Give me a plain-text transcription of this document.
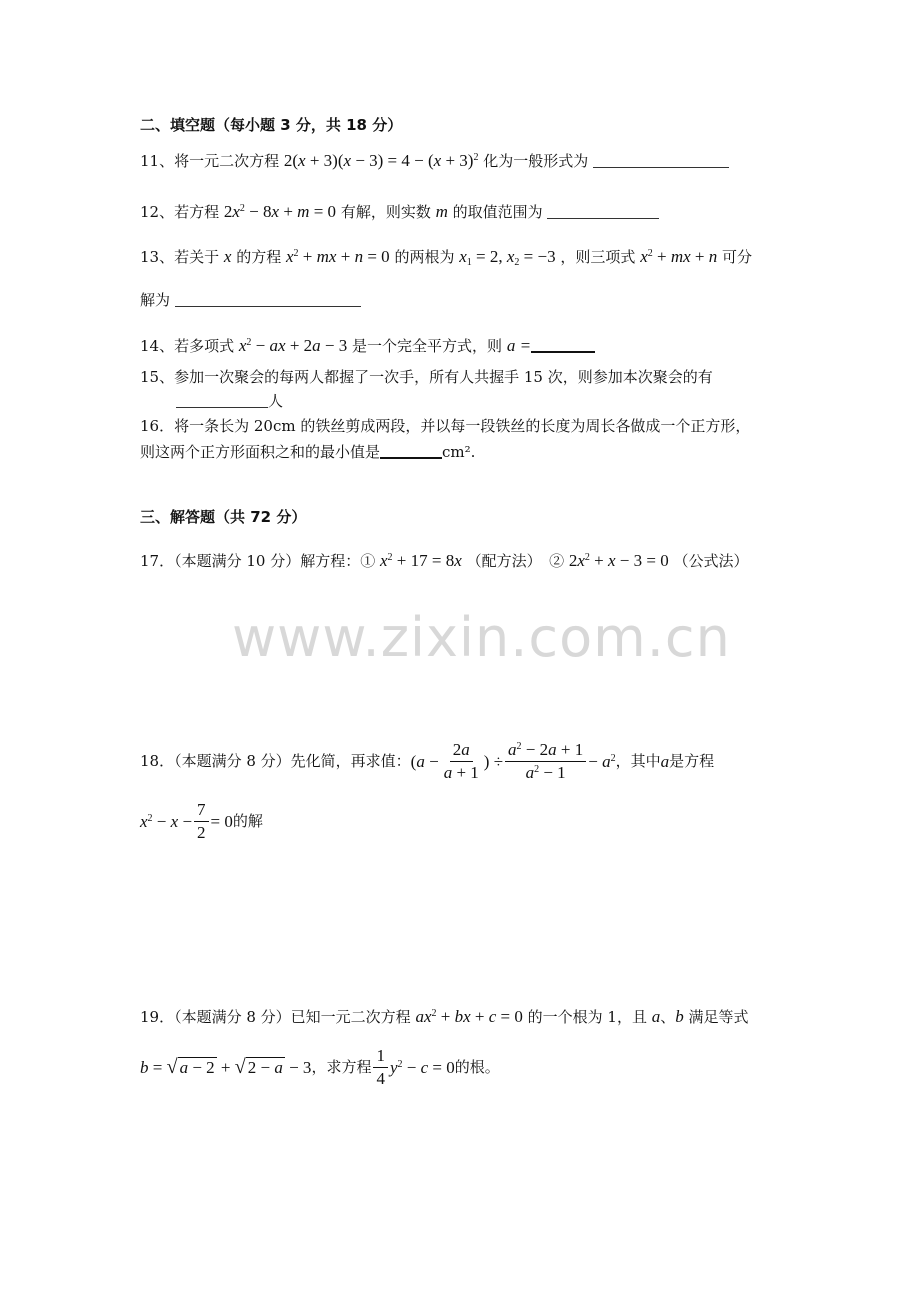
二、填空题（每小题 3 分，共 18 分）
11、将一元二次方程 $2(x + 3)(x - 3) = 4 - (x + 3)^2$ 化为一般形式为
12、若方程 $2x^2 - 8x + m = 0$ 有解，则实数 m 的取值范围为
13、若关于 x 的方程 $x^2$ + mx + n = 0 的两根为 $x_1 = 2$, $x_2 = -3$ ，则三项式 $x^2$ + mx + n 可分
解为
14、若多项式 $x^2$ − ax + 2a − 3 是一个完全平方式，则 a =
15、参加一次聚会的每两人都握了一次手，所有人共握手 15 次，则参加本次聚会的有
人
16．将一条长为 20cm 的铁丝剪成两段，并以每一段铁丝的长度为周长各做成一个正方形，
则这两个正方形面积之和的最小值是	cm².
三、解答题（共 72 分）
17．（本题满分 10 分）解方程：① $x^2 + 17 = 8x$ （配方法）　② $2x^2 + x - 3 = 0$ （公式法）
www.zixin.com.cn
18．（本题满分 8 分）先化简，再求值： ($a - \frac{2a}{a + 1}$ ) ÷ $\frac{a^2 - 2a + 1}{a^2 - 1} - a^2$ ，其中 a 是方程
$x^2 - x - \frac{7}{2} = 0$ 的解
19．（本题满分 8 分）已知一元二次方程 $ax^2$ + bx + c = 0 的一个根为 1，且 a、b 满足等式
b = √ a − 2 + √ 2 − a − 3 ，求方程 $\frac{1}{4} y^2 - c = 0$ 的根。
